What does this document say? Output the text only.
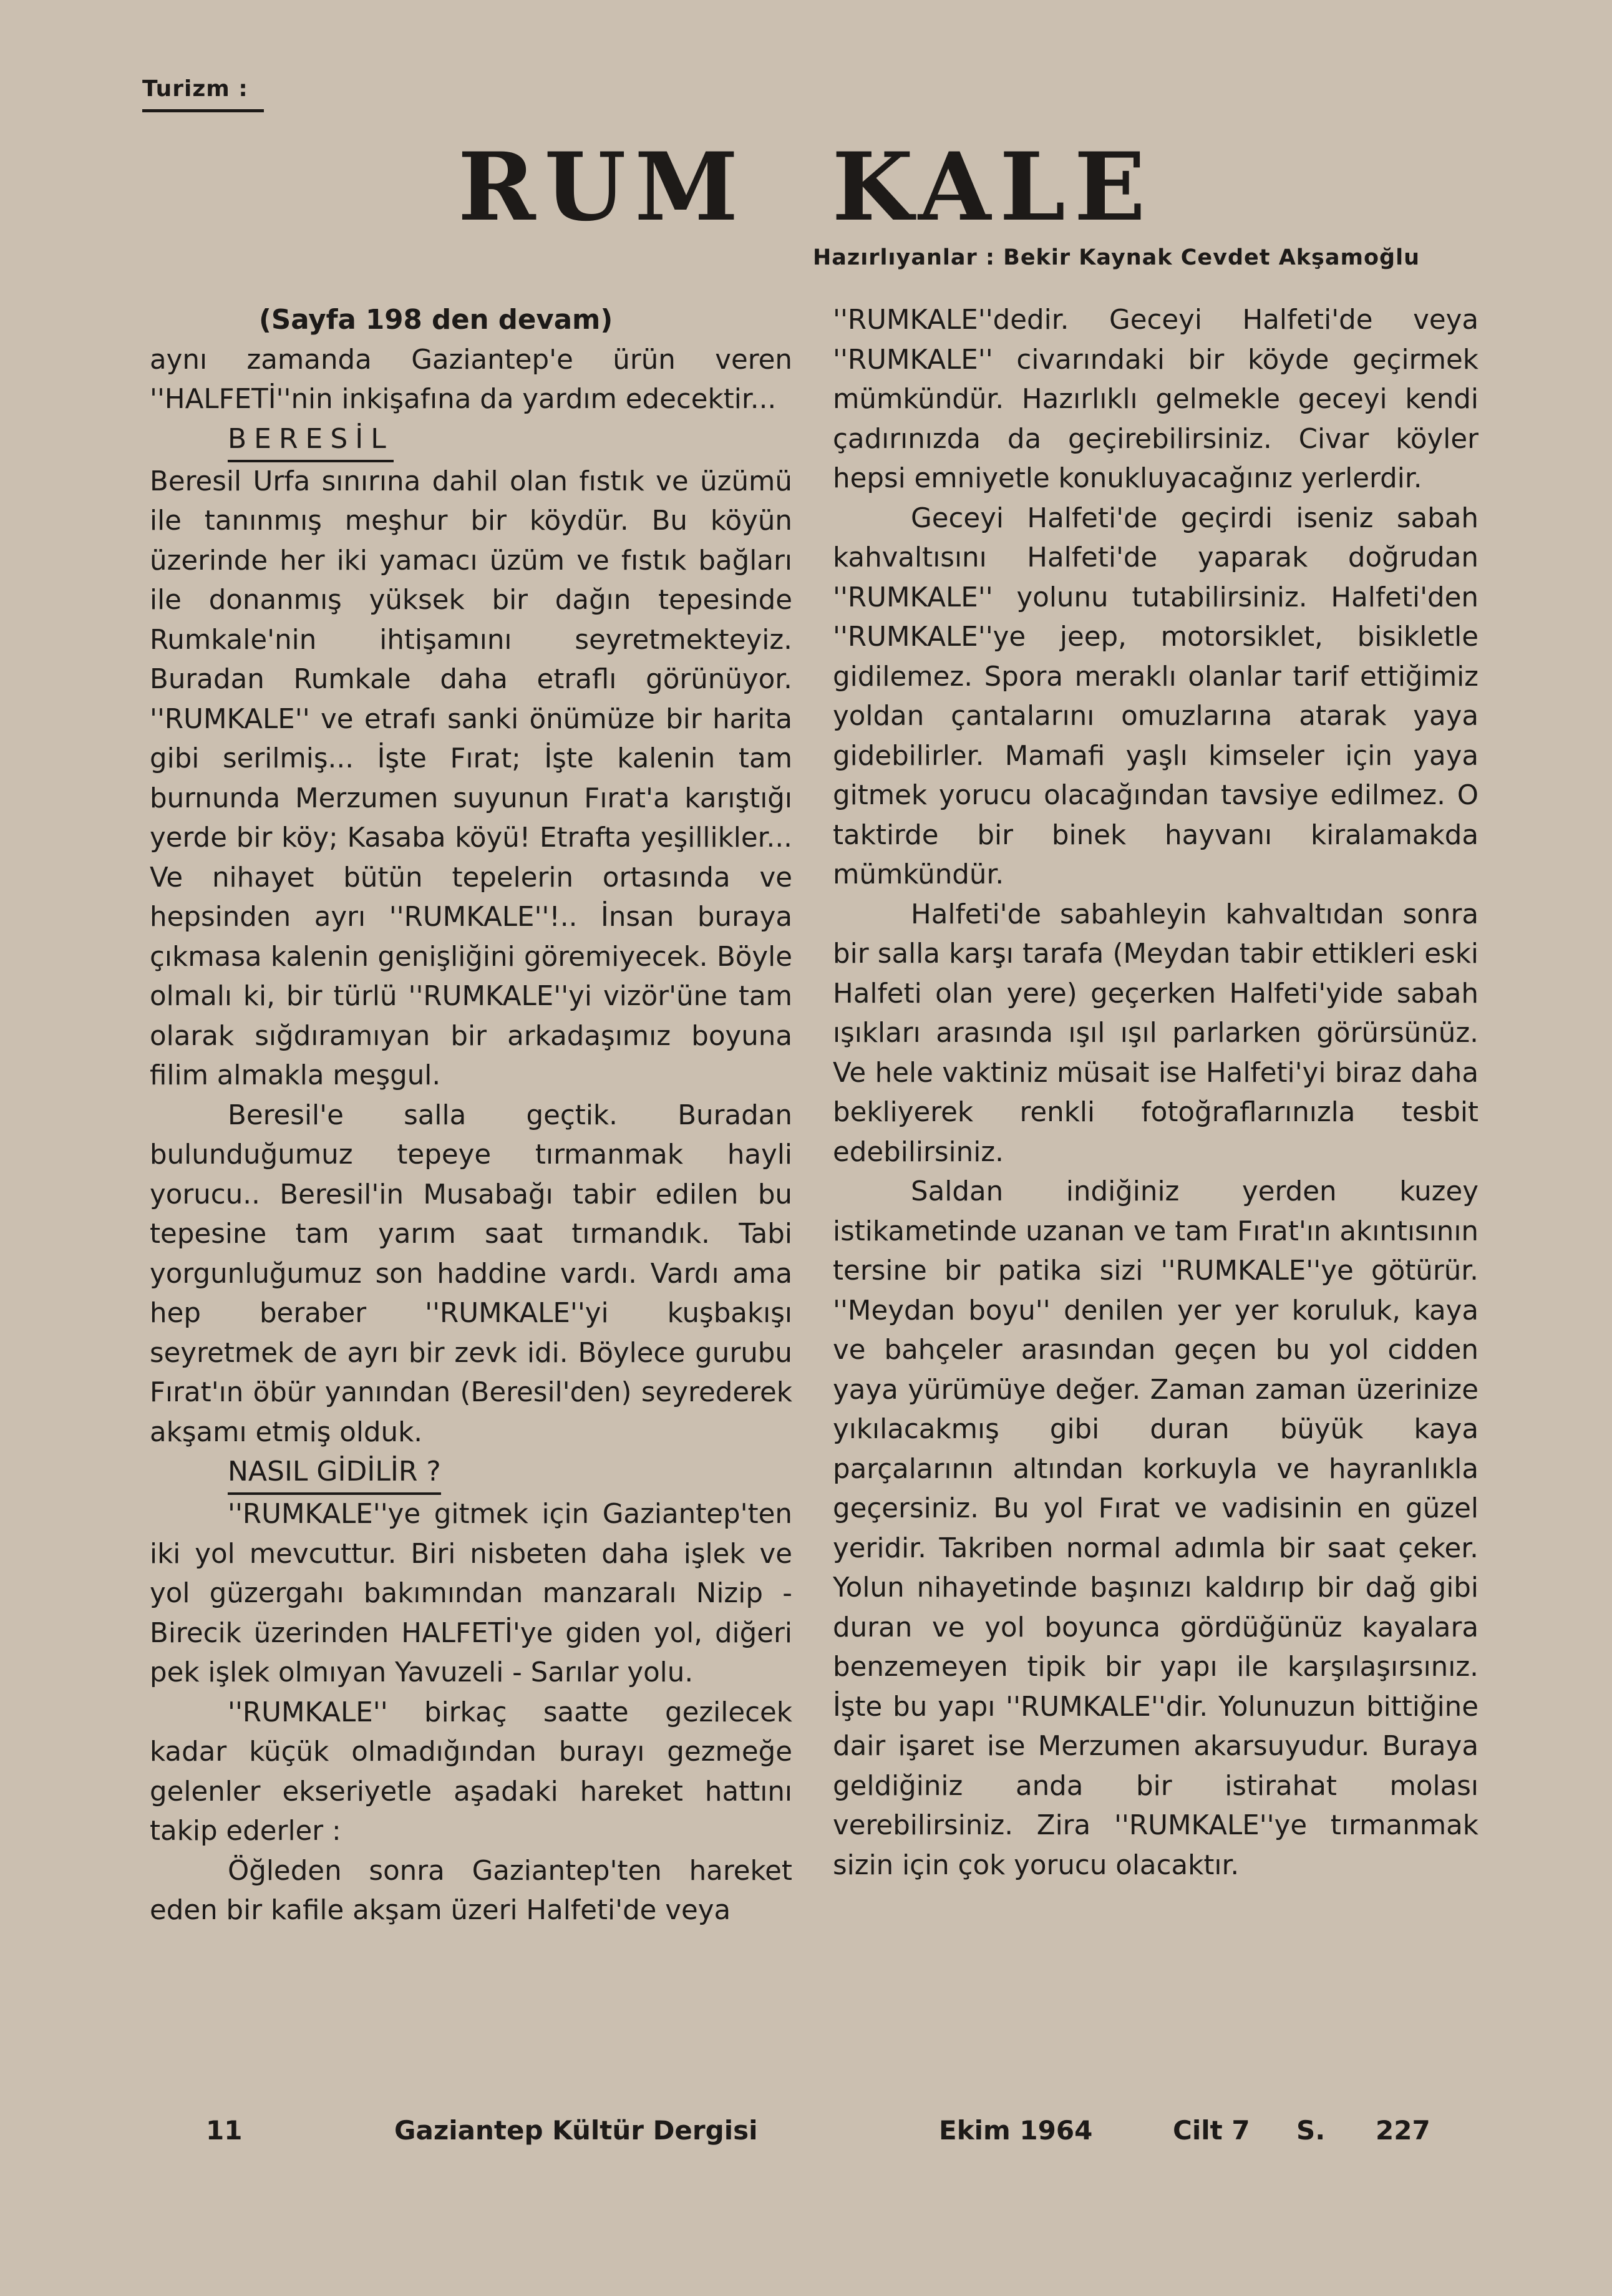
Turizm :
RUM KALE
Hazırlıyanlar : Bekir Kaynak Cevdet Akşamoğlu

(Sayfa 198 den devam)

aynı zamanda Gaziantep'e ürün veren ''HALFETİ''nin inkişafına da yardım edecektir...

BERESİL

Beresil Urfa sınırına dahil olan fıstık ve üzümü ile tanınmış meşhur bir köydür. Bu köyün üzerinde her iki yamacı üzüm ve fıstık bağları ile donanmış yüksek bir dağın tepesinde Rumkale'nin ihtişamını seyretmekteyiz. Buradan Rumkale daha etraflı görünüyor. ''RUMKALE'' ve etrafı sanki önümüze bir harita gibi serilmiş... İşte Fırat; İşte kalenin tam burnunda Merzumen suyunun Fırat'a karıştığı yerde bir köy; Kasaba köyü! Etrafta yeşillikler... Ve nihayet bütün tepelerin ortasında ve hepsinden ayrı ''RUMKALE''!.. İnsan buraya çıkmasa kalenin genişliğini göremiyecek. Böyle olmalı ki, bir türlü ''RUMKALE''yi vizör'üne tam olarak sığdıramıyan bir arkadaşımız boyuna filim almakla meşgul.

Beresil'e salla geçtik. Buradan bulunduğumuz tepeye tırmanmak hayli yorucu.. Beresil'in Musabağı tabir edilen bu tepesine tam yarım saat tırmandık. Tabi yorgunluğumuz son haddine vardı. Vardı ama hep beraber ''RUMKALE''yi kuşbakışı seyretmek de ayrı bir zevk idi. Böylece gurubu Fırat'ın öbür yanından (Beresil'den) seyrederek akşamı etmiş olduk.

NASIL GİDİLİR ?

''RUMKALE''ye gitmek için Gaziantep'ten iki yol mevcuttur. Biri nisbeten daha işlek ve yol güzergahı bakımından manzaralı Nizip - Birecik üzerinden HALFETİ'ye giden yol, diğeri pek işlek olmıyan Yavuzeli - Sarılar yolu.

''RUMKALE'' birkaç saatte gezilecek kadar küçük olmadığından burayı gezmeğe gelenler ekseriyetle aşadaki hareket hattını takip ederler :

Öğleden sonra Gaziantep'ten hareket eden bir kafile akşam üzeri Halfeti'de veya

''RUMKALE''dedir. Geceyi Halfeti'de veya ''RUMKALE'' civarındaki bir köyde geçirmek mümkündür. Hazırlıklı gelmekle geceyi kendi çadırınızda da geçirebilirsiniz. Civar köyler hepsi emniyetle konukluyacağınız yerlerdir.

Geceyi Halfeti'de geçirdi iseniz sabah kahvaltısını Halfeti'de yaparak doğrudan ''RUMKALE'' yolunu tutabilirsiniz. Halfeti'den ''RUMKALE''ye jeep, motorsiklet, bisikletle gidilemez. Spora meraklı olanlar tarif ettiğimiz yoldan çantalarını omuzlarına atarak yaya gidebilirler. Mamafi yaşlı kimseler için yaya gitmek yorucu olacağından tavsiye edilmez. O taktirde bir binek hayvanı kiralamakda mümkündür.

Halfeti'de sabahleyin kahvaltıdan sonra bir salla karşı tarafa (Meydan tabir ettikleri eski Halfeti olan yere) geçerken Halfeti'yide sabah ışıkları arasında ışıl ışıl parlarken görürsünüz. Ve hele vaktiniz müsait ise Halfeti'yi biraz daha bekliyerek renkli fotoğraflarınızla tesbit edebilirsiniz.

Saldan indiğiniz yerden kuzey istikametinde uzanan ve tam Fırat'ın akıntısının tersine bir patika sizi ''RUMKALE''ye götürür. ''Meydan boyu'' denilen yer yer koruluk, kaya ve bahçeler arasından geçen bu yol cidden yaya yürümüye değer. Zaman zaman üzerinize yıkılacakmış gibi duran büyük kaya parçalarının altından korkuyla ve hayranlıkla geçersiniz. Bu yol Fırat ve vadisinin en güzel yeridir. Takriben normal adımla bir saat çeker. Yolun nihayetinde başınızı kaldırıp bir dağ gibi duran ve yol boyunca gördüğünüz kayalara benzemeyen tipik bir yapı ile karşılaşırsınız. İşte bu yapı ''RUMKALE''dir. Yolunuzun bittiğine dair işaret ise Merzumen akarsuyudur. Buraya geldiğiniz anda bir istirahat molası verebilirsiniz. Zira ''RUMKALE''ye tırmanmak sizin için çok yorucu olacaktır.

11	Gaziantep Kültür Dergisi	Ekim 1964	Cilt 7 S. 227
